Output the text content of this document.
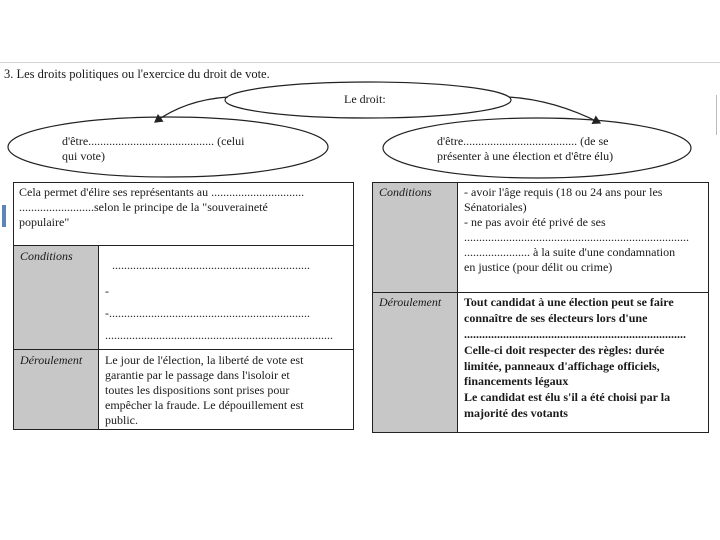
3. Les droits politiques ou l'exercice du droit de vote.
Le droit:
d'être.......................................... (celui
qui vote)
d'être...................................... (de se
présenter à une élection et d'être élu)
Cela permet d'élire ses représentants au ...............................
.........................selon le principe de la "souveraineté
populaire"
Conditions
..................................................................
-
-...................................................................
............................................................................
Déroulement Le jour de l'élection, la liberté de vote est
garantie par le passage dans l'isoloir et
toutes les dispositions sont prises pour
empêcher la fraude. Le dépouillement est
public.
Conditions	- avoir l'âge requis (18 ou 24 ans pour les
Sénatoriales)
- ne pas avoir été privé de ses
...........................................................................
...................... à la suite d'une condamnation
en justice (pour délit ou crime)
Déroulement Tout candidat à une élection peut se faire
connaître de ses électeurs lors d'une
..........................................................................
Celle-ci doit respecter des règles: durée
limitée, panneaux d'affichage officiels,
financements légaux
Le candidat est élu s'il a été choisi par la
majorité des votants
